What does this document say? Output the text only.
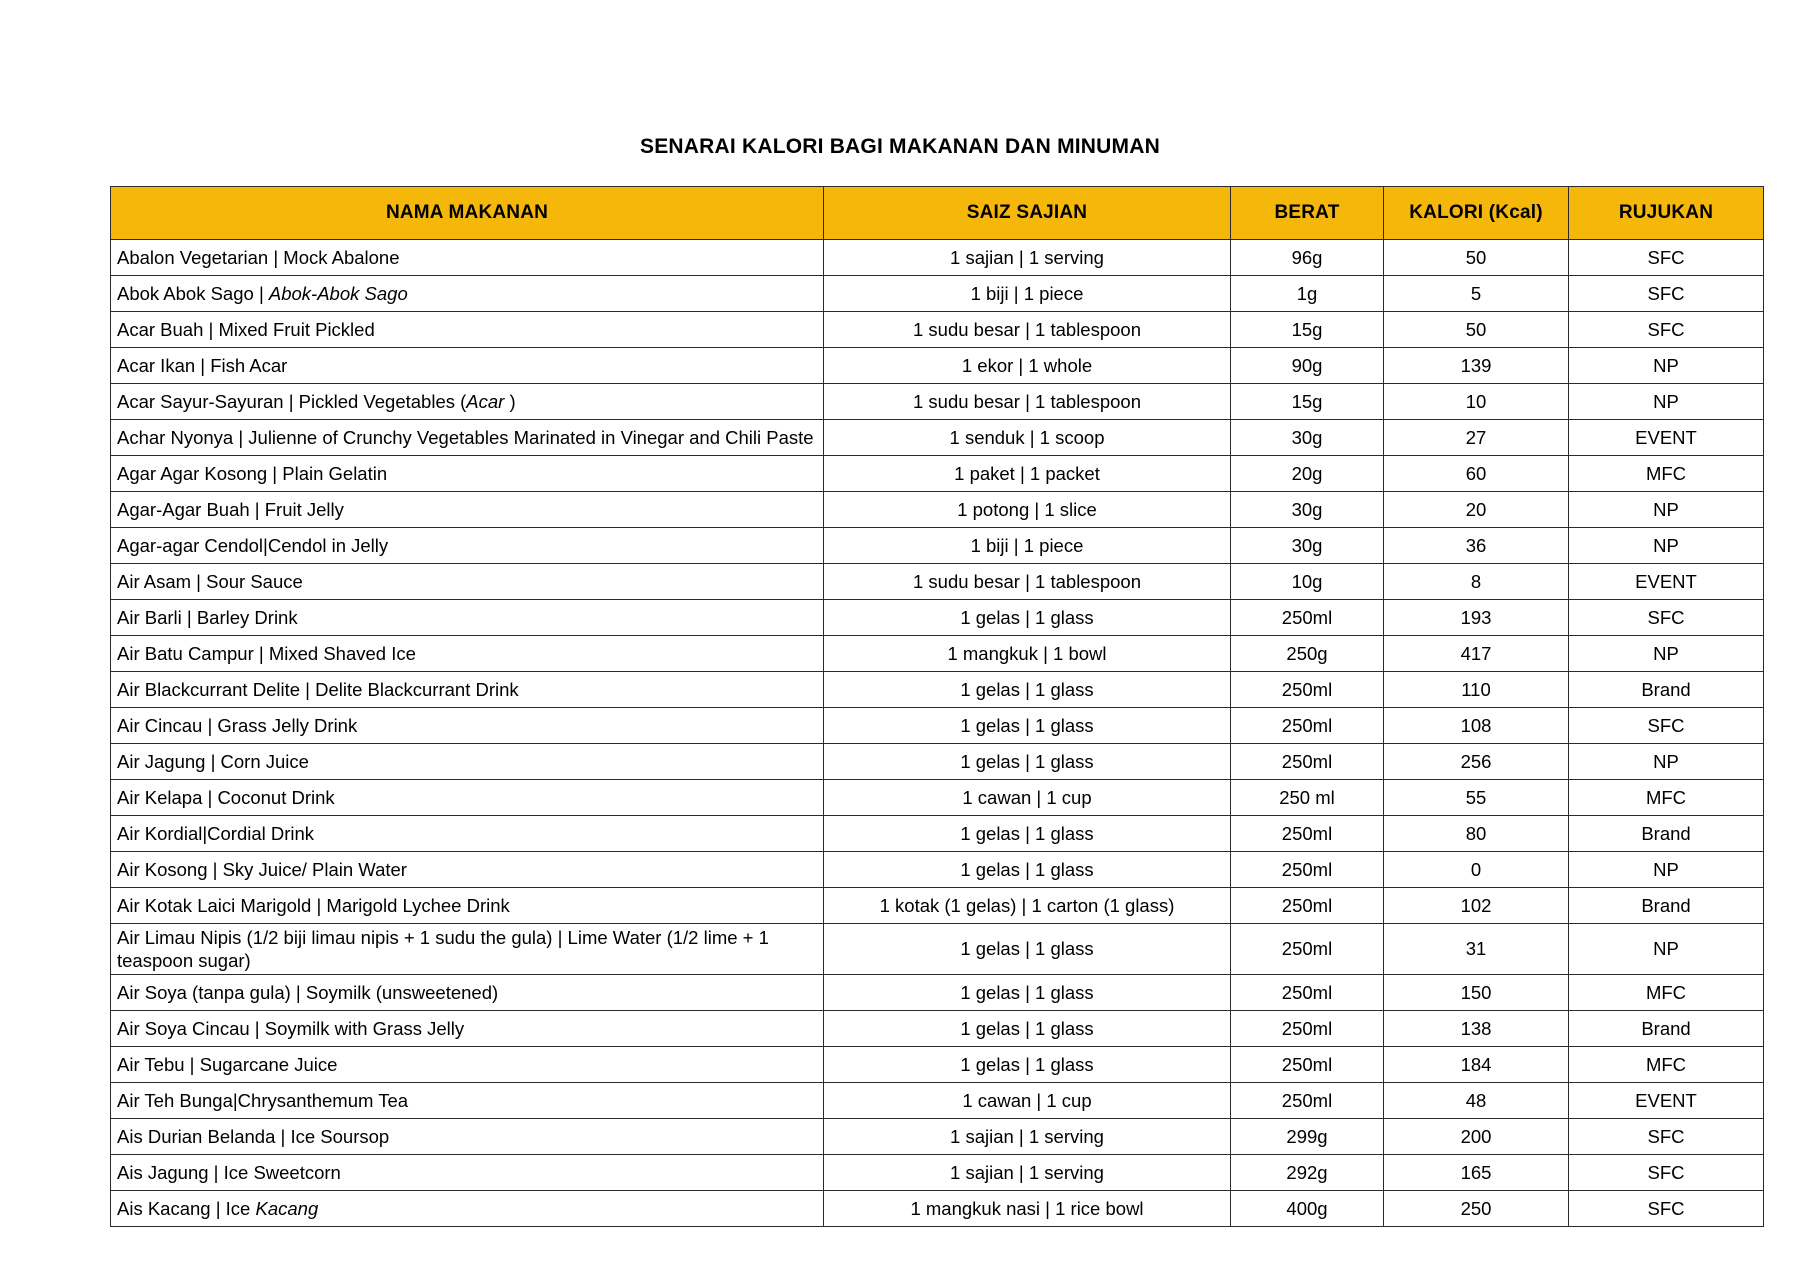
SENARAI KALORI BAGI MAKANAN DAN MINUMAN
NAMA MAKANAN	SAIZ SAJIAN	BERAT	KALORI (Kcal)	RUJUKAN
Abalon Vegetarian | Mock Abalone	1 sajian | 1 serving	96g	50	SFC
Abok Abok Sago | Abok-Abok Sago	1 biji | 1 piece	1g	5	SFC
Acar Buah | Mixed Fruit Pickled	1 sudu besar | 1 tablespoon	15g	50	SFC
Acar Ikan | Fish Acar	1 ekor | 1 whole	90g	139	NP
Acar Sayur-Sayuran | Pickled Vegetables (Acar )	1 sudu besar | 1 tablespoon	15g	10	NP
Achar Nyonya | Julienne of Crunchy Vegetables Marinated in Vinegar and Chili Paste	1 senduk | 1 scoop	30g	27	EVENT
Agar Agar Kosong | Plain Gelatin	1 paket | 1 packet	20g	60	MFC
Agar-Agar Buah | Fruit Jelly	1 potong | 1 slice	30g	20	NP
Agar-agar Cendol|Cendol in Jelly	1 biji | 1 piece	30g	36	NP
Air Asam | Sour Sauce	1 sudu besar | 1 tablespoon	10g	8	EVENT
Air Barli | Barley Drink	1 gelas | 1 glass	250ml	193	SFC
Air Batu Campur | Mixed Shaved Ice	1 mangkuk | 1 bowl	250g	417	NP
Air Blackcurrant Delite | Delite Blackcurrant Drink	1 gelas | 1 glass	250ml	110	Brand
Air Cincau | Grass Jelly Drink	1 gelas | 1 glass	250ml	108	SFC
Air Jagung | Corn Juice	1 gelas | 1 glass	250ml	256	NP
Air Kelapa | Coconut Drink	1 cawan | 1 cup	250 ml	55	MFC
Air Kordial|Cordial Drink	1 gelas | 1 glass	250ml	80	Brand
Air Kosong | Sky Juice/ Plain Water	1 gelas | 1 glass	250ml	0	NP
Air Kotak Laici Marigold | Marigold Lychee Drink	1 kotak (1 gelas) | 1 carton (1 glass)	250ml	102	Brand
Air Limau Nipis (1/2 biji limau nipis + 1 sudu the gula) | Lime Water (1/2 lime + 1 teaspoon sugar)	1 gelas | 1 glass	250ml	31	NP
Air Soya (tanpa gula) | Soymilk (unsweetened)	1 gelas | 1 glass	250ml	150	MFC
Air Soya Cincau | Soymilk with Grass Jelly	1 gelas | 1 glass	250ml	138	Brand
Air Tebu | Sugarcane Juice	1 gelas | 1 glass	250ml	184	MFC
Air Teh Bunga|Chrysanthemum Tea	1 cawan | 1 cup	250ml	48	EVENT
Ais Durian Belanda | Ice Soursop	1 sajian | 1 serving	299g	200	SFC
Ais Jagung | Ice Sweetcorn	1 sajian | 1 serving	292g	165	SFC
Ais Kacang | Ice Kacang	1 mangkuk nasi | 1 rice bowl	400g	250	SFC
